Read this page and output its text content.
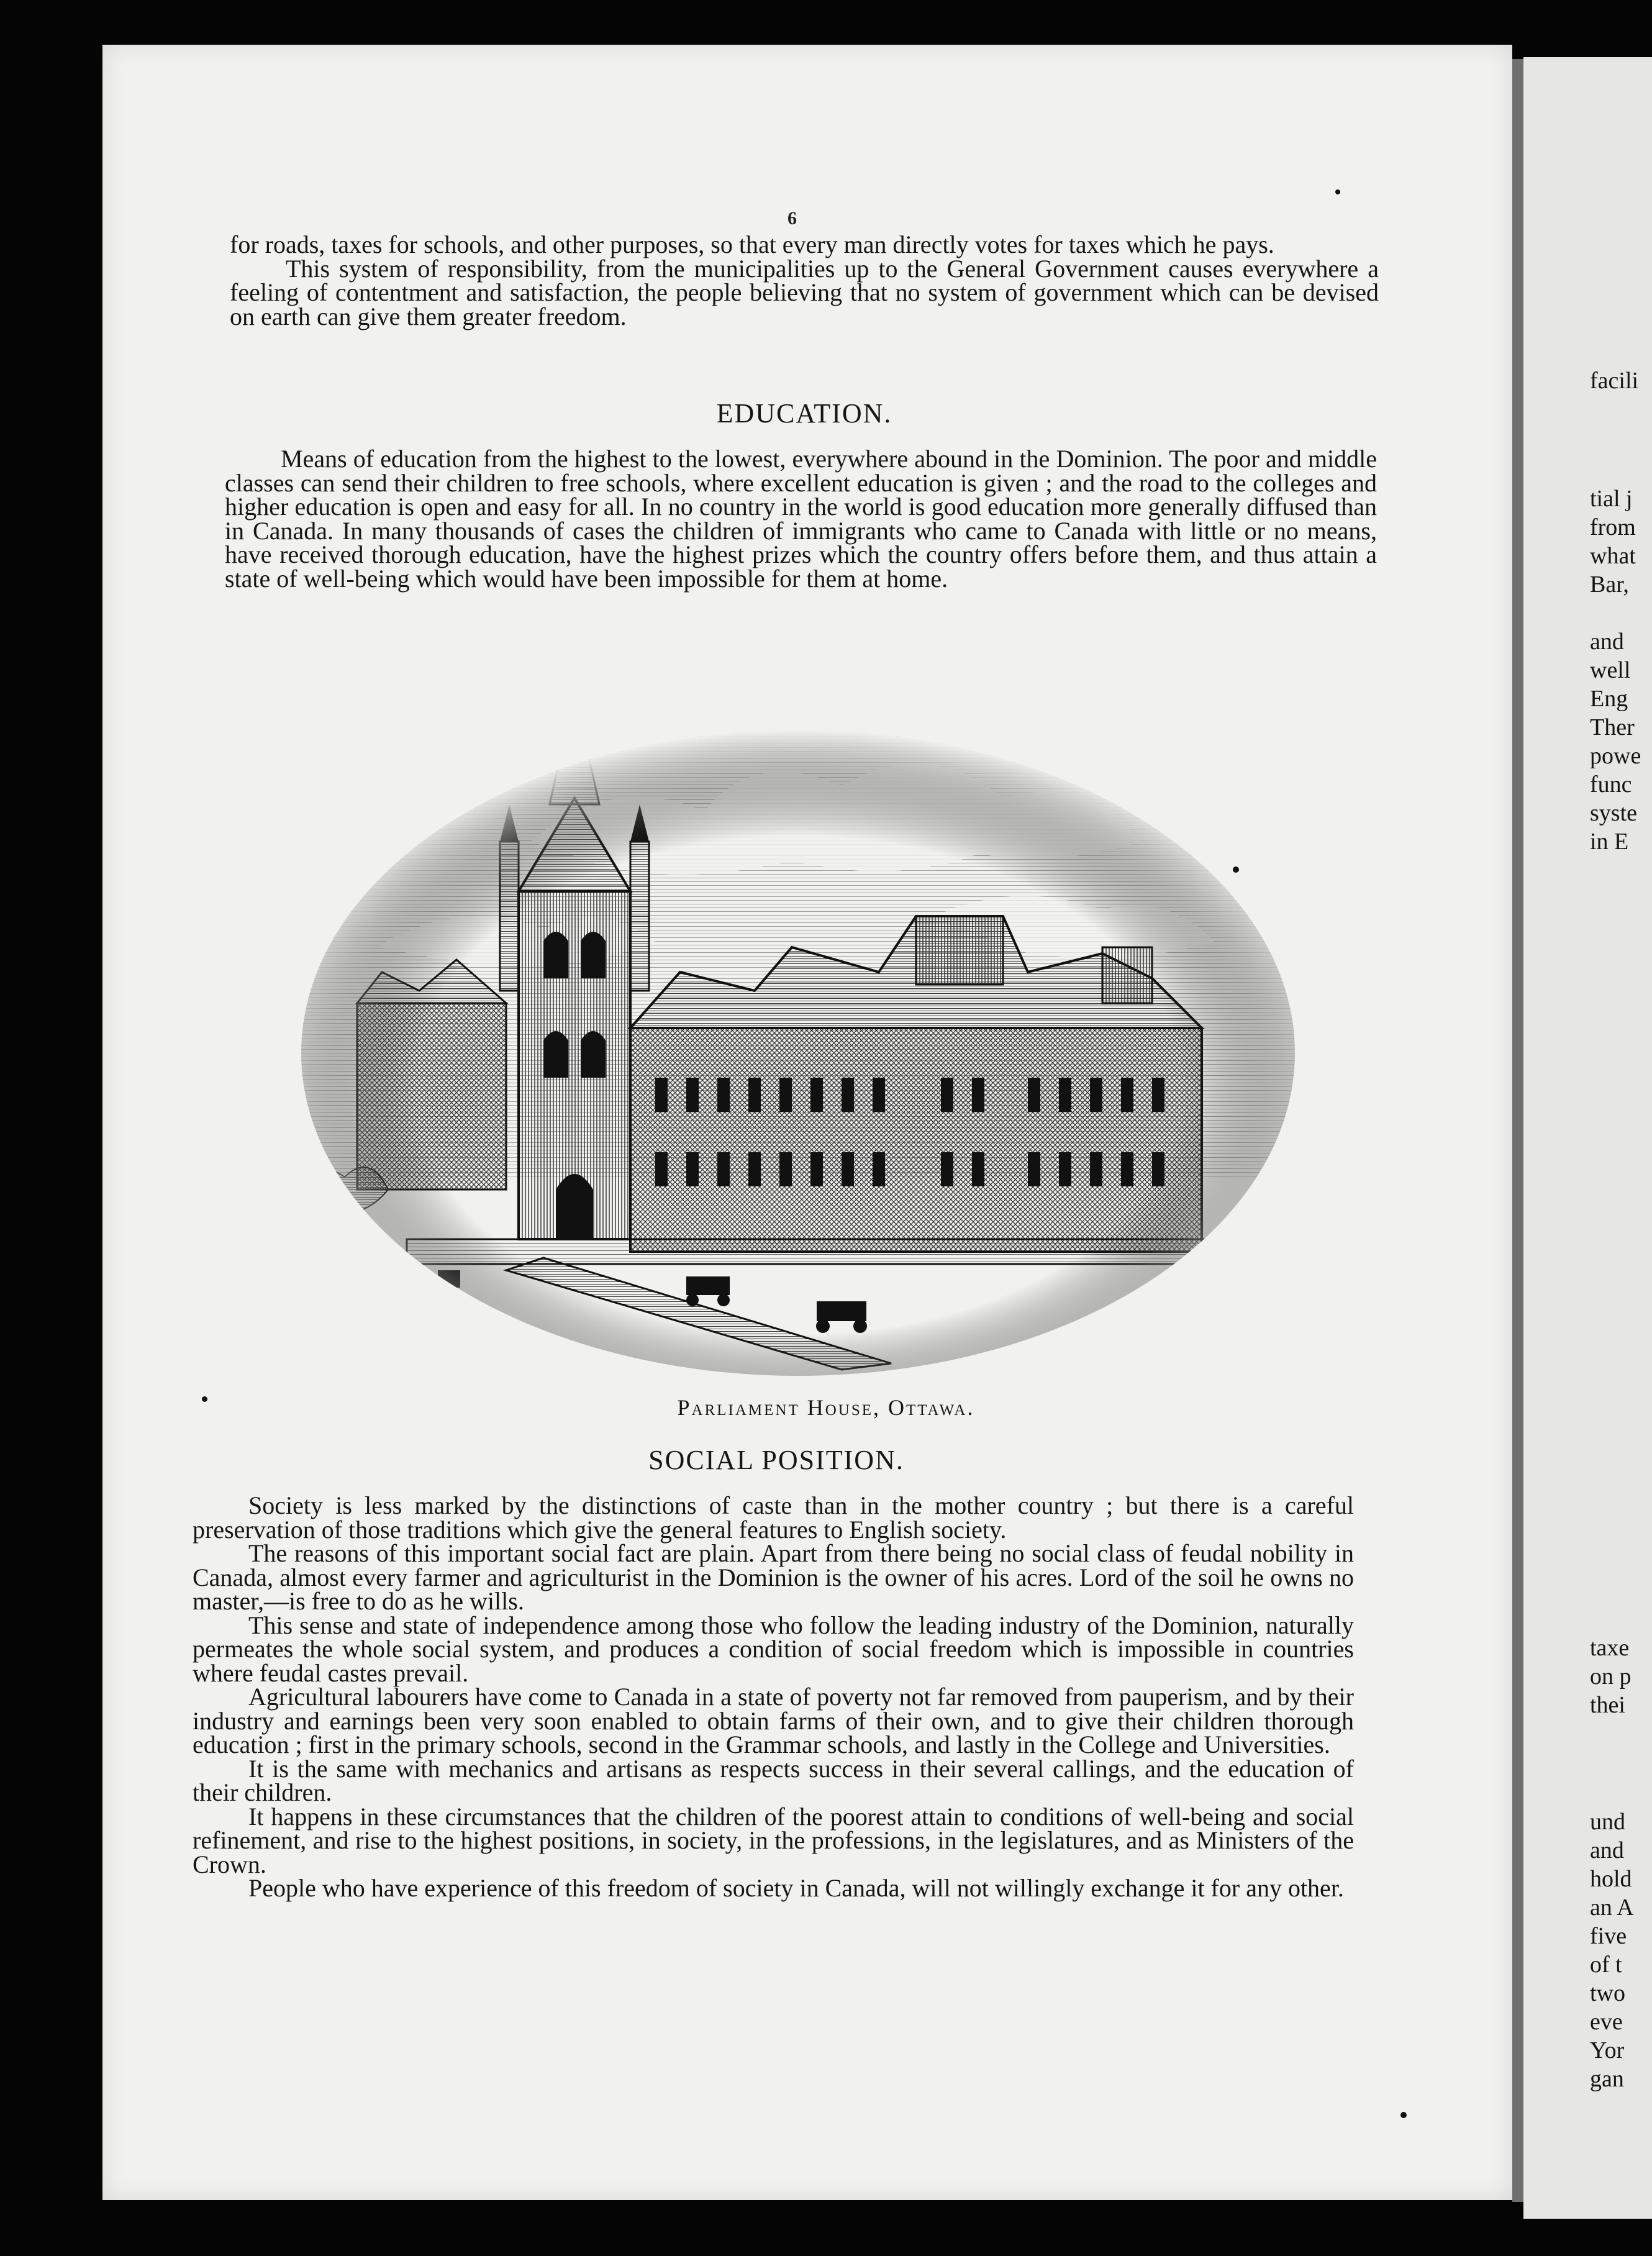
6

for roads, taxes for schools, and other purposes, so that every man directly votes for taxes which he pays.

This system of responsibility, from the municipalities up to the General Government causes everywhere a feeling of contentment and satisfaction, the people believing that no system of government which can be devised on earth can give them greater freedom.

EDUCATION.

Means of education from the highest to the lowest, everywhere abound in the Dominion. The poor and middle classes can send their children to free schools, where excellent education is given ; and the road to the colleges and higher education is open and easy for all. In no country in the world is good education more generally diffused than in Canada. In many thousands of cases the children of immigrants who came to Canada with little or no means, have received thorough education, have the highest prizes which the country offers before them, and thus attain a state of well-being which would have been impossible for them at home.

Parliament House, Ottawa.
SOCIAL POSITION.

Society is less marked by the distinctions of caste than in the mother country ; but there is a careful preservation of those traditions which give the general features to English society.

The reasons of this important social fact are plain. Apart from there being no social class of feudal nobility in Canada, almost every farmer and agriculturist in the Dominion is the owner of his acres. Lord of the soil he owns no master,—is free to do as he wills.

This sense and state of independence among those who follow the leading industry of the Dominion, naturally permeates the whole social system, and produces a condition of social freedom which is impossible in countries where feudal castes prevail.

Agricultural labourers have come to Canada in a state of poverty not far removed from pauperism, and by their industry and earnings been very soon enabled to obtain farms of their own, and to give their children thorough education ; first in the primary schools, second in the Grammar schools, and lastly in the College and Universities.

It is the same with mechanics and artisans as respects success in their several callings, and the education of their children.

It happens in these circumstances that the children of the poorest attain to conditions of well-being and social refinement, and rise to the highest positions, in society, in the professions, in the legislatures, and as Ministers of the Crown.

People who have experience of this freedom of society in Canada, will not willingly exchange it for any other.

facili
tial j
from
what
Bar,

and
well
Eng
Ther
powe
func
syste
in E
taxe
on p
thei
und
and
hold
an A
five
of t
two
eve
Yor
gan
